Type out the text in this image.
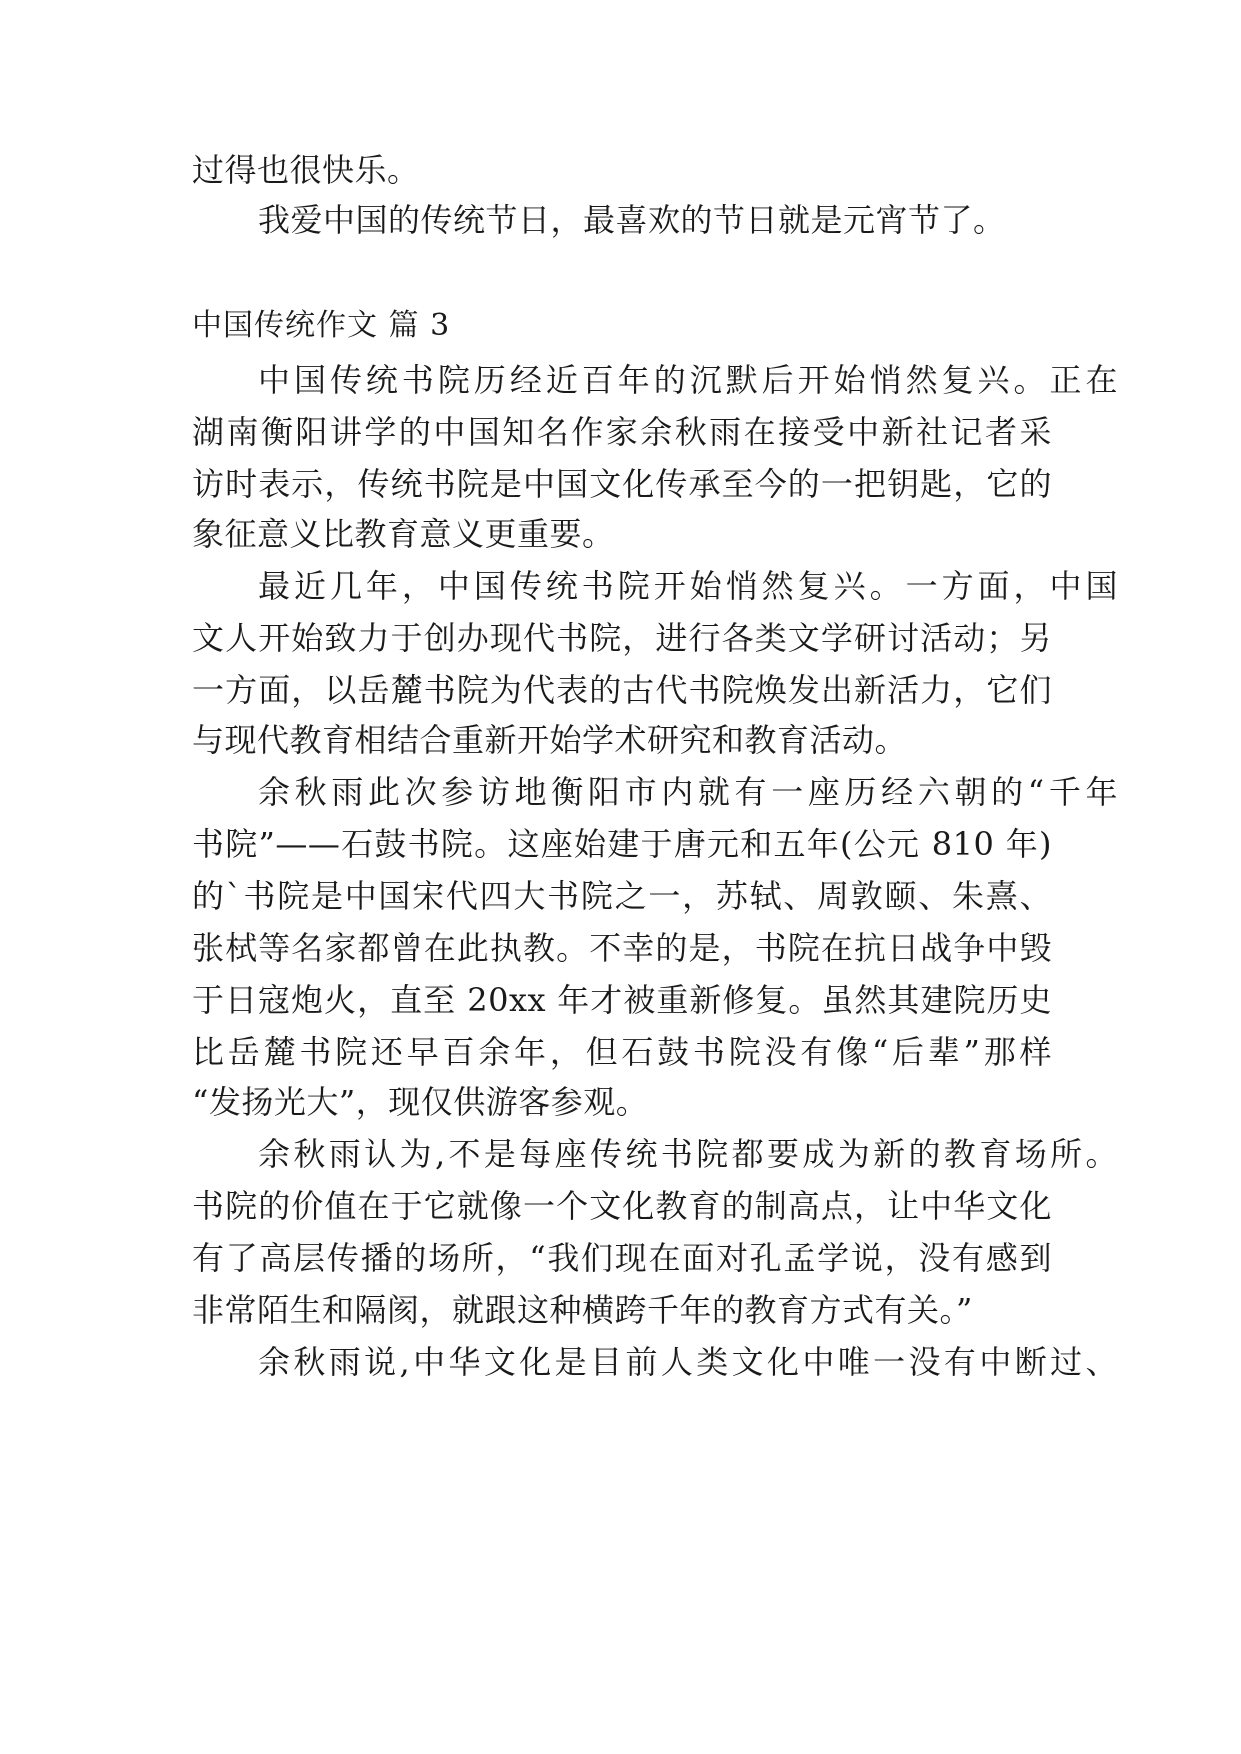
过得也很快乐。
我爱中国的传统节日，最喜欢的节日就是元宵节了。
中国传统作文 篇 3
中国传统书院历经近百年的沉默后开始悄然复兴。正在
湖南衡阳讲学的中国知名作家余秋雨在接受中新社记者采
访时表示，传统书院是中国文化传承至今的一把钥匙，它的
象征意义比教育意义更重要。
最近几年，中国传统书院开始悄然复兴。一方面，中国
文人开始致力于创办现代书院，进行各类文学研讨活动；另
一方面，以岳麓书院为代表的古代书院焕发出新活力，它们
与现代教育相结合重新开始学术研究和教育活动。
余秋雨此次参访地衡阳市内就有一座历经六朝的“千年
书院”——石鼓书院。这座始建于唐元和五年(公元 810 年)
的`书院是中国宋代四大书院之一，苏轼、周敦颐、朱熹、
张栻等名家都曾在此执教。不幸的是，书院在抗日战争中毁
于日寇炮火，直至 20xx 年才被重新修复。虽然其建院历史
比岳麓书院还早百余年，但石鼓书院没有像“后辈”那样
“发扬光大”，现仅供游客参观。
余秋雨认为,不是每座传统书院都要成为新的教育场所。
书院的价值在于它就像一个文化教育的制高点，让中华文化
有了高层传播的场所，“我们现在面对孔孟学说，没有感到
非常陌生和隔阂，就跟这种横跨千年的教育方式有关。”
余秋雨说,中华文化是目前人类文化中唯一没有中断过、
